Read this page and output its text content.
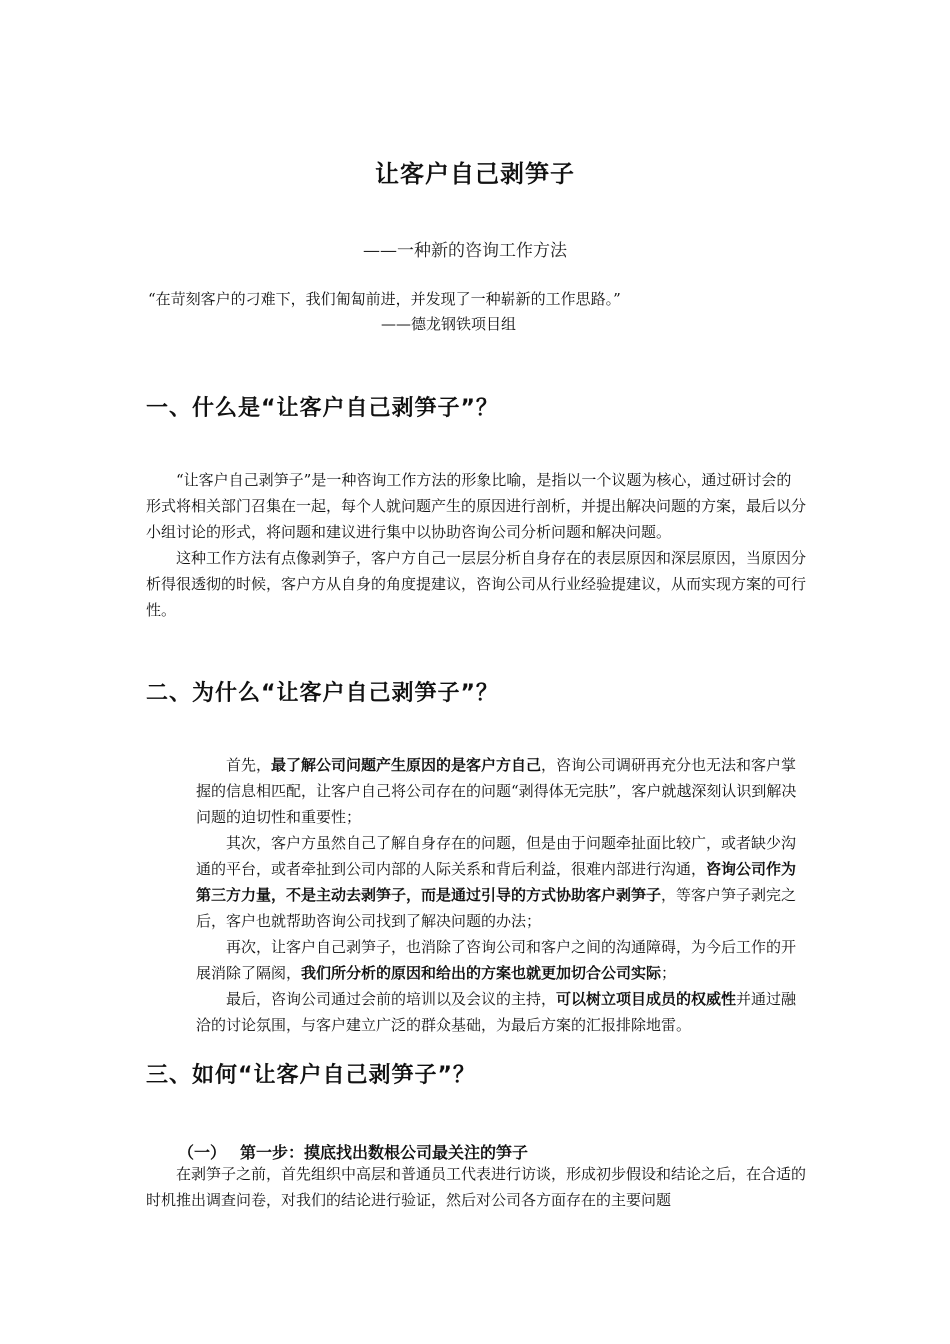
让客户自己剥笋子
——一种新的咨询工作方法
“在苛刻客户的刁难下，我们匍匐前进，并发现了一种崭新的工作思路。”
——德龙钢铁项目组
一、什么是“让客户自己剥笋子”？

“让客户自己剥笋子”是一种咨询工作方法的形象比喻，是指以一个议题为核心，通过研讨会的形式将相关部门召集在一起，每个人就问题产生的原因进行剖析，并提出解决问题的方案，最后以分小组讨论的形式，将问题和建议进行集中以协助咨询公司分析问题和解决问题。

这种工作方法有点像剥笋子，客户方自己一层层分析自身存在的表层原因和深层原因，当原因分析得很透彻的时候，客户方从自身的角度提建议，咨询公司从行业经验提建议，从而实现方案的可行性。

二、为什么“让客户自己剥笋子”？

首先，最了解公司问题产生原因的是客户方自己，咨询公司调研再充分也无法和客户掌握的信息相匹配，让客户自己将公司存在的问题“剥得体无完肤”，客户就越深刻认识到解决问题的迫切性和重要性；

其次，客户方虽然自己了解自身存在的问题，但是由于问题牵扯面比较广，或者缺少沟通的平台，或者牵扯到公司内部的人际关系和背后利益，很难内部进行沟通，咨询公司作为第三方力量，不是主动去剥笋子，而是通过引导的方式协助客户剥笋子，等客户笋子剥完之后，客户也就帮助咨询公司找到了解决问题的办法；

再次，让客户自己剥笋子，也消除了咨询公司和客户之间的沟通障碍，为今后工作的开展消除了隔阂，我们所分析的原因和给出的方案也就更加切合公司实际；

最后，咨询公司通过会前的培训以及会议的主持，可以树立项目成员的权威性并通过融洽的讨论氛围，与客户建立广泛的群众基础，为最后方案的汇报排除地雷。

三、如何“让客户自己剥笋子”？
（一） 第一步：摸底找出数根公司最关注的笋子

在剥笋子之前，首先组织中高层和普通员工代表进行访谈，形成初步假设和结论之后，在合适的时机推出调查问卷，对我们的结论进行验证，然后对公司各方面存在的主要问题
